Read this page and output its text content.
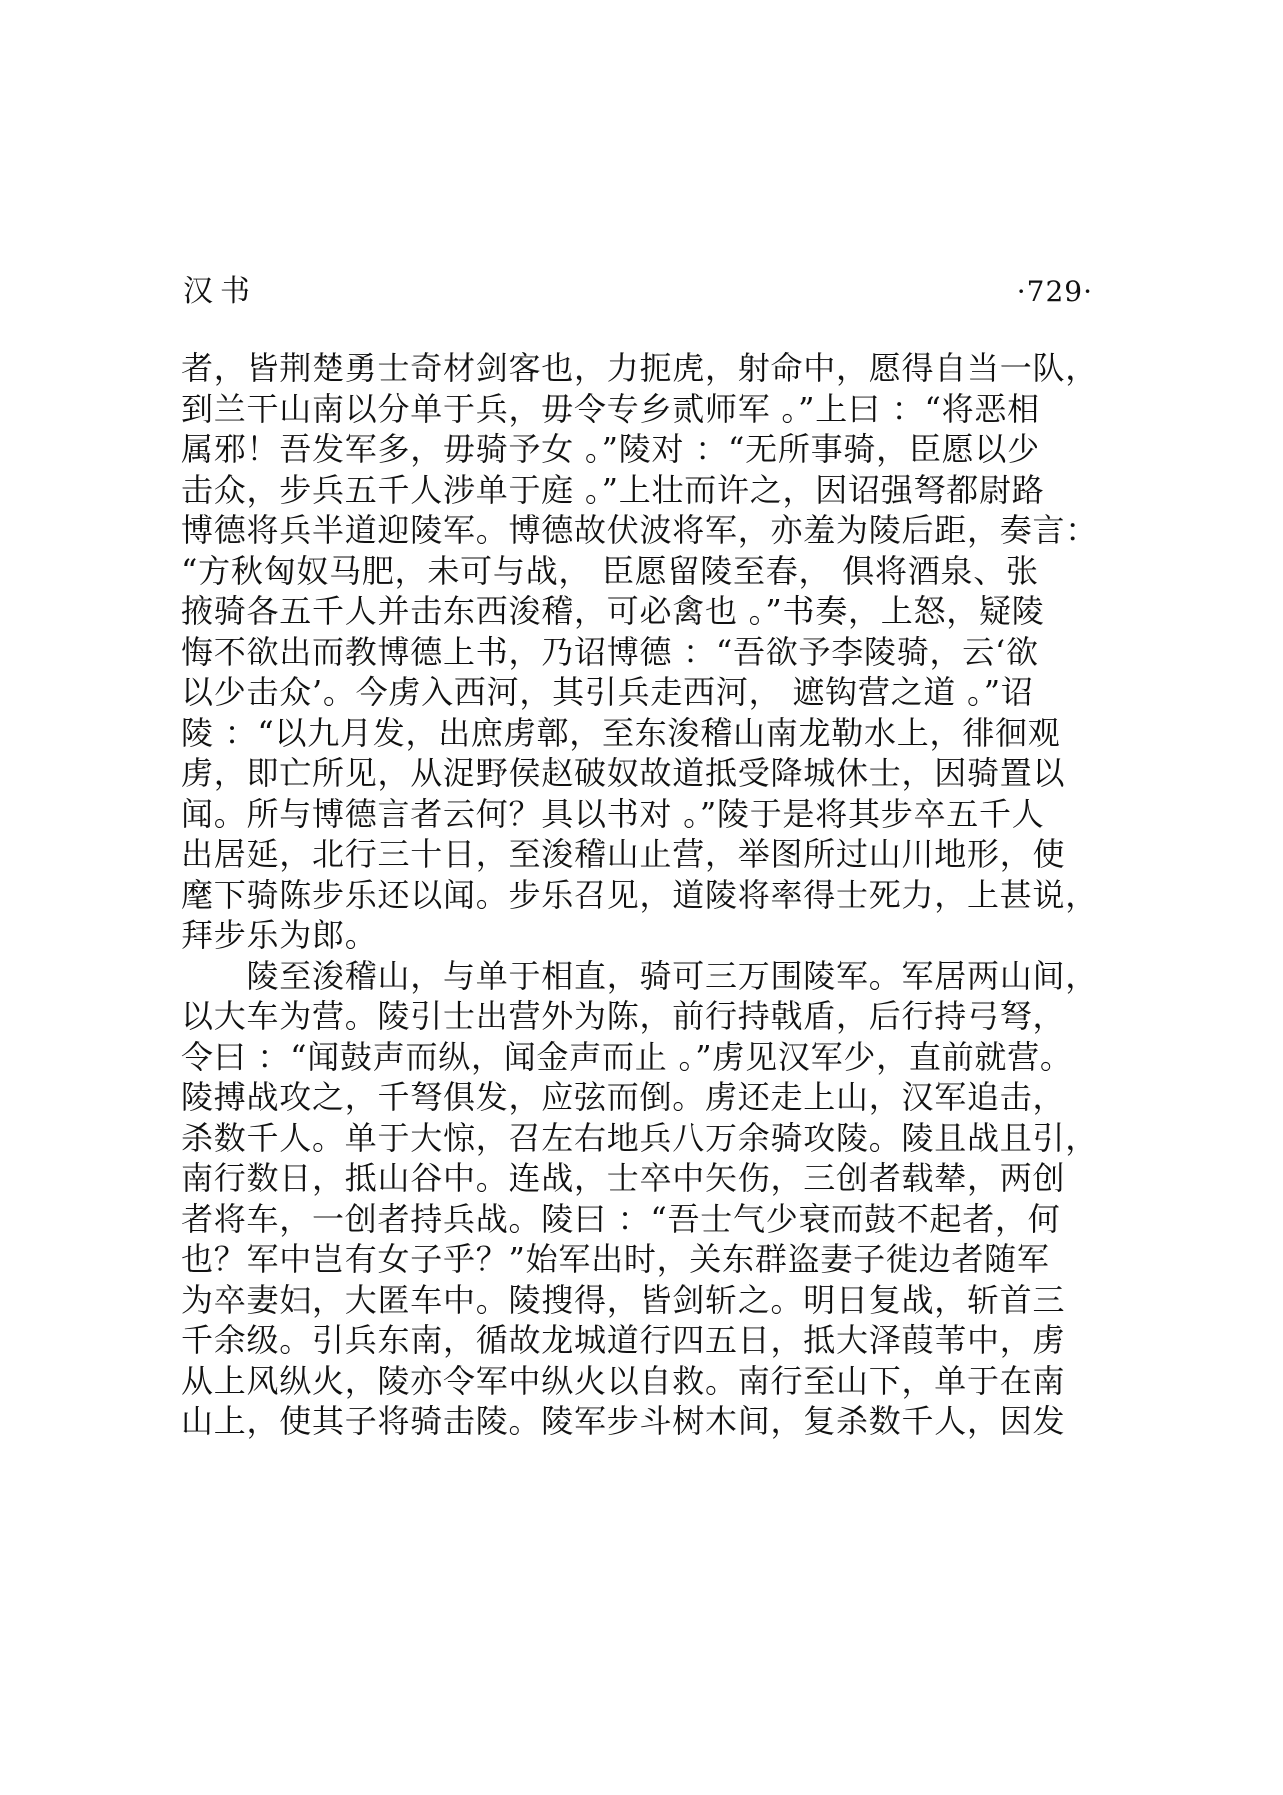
汉书	·729·
者，皆荆楚勇士奇材剑客也，力扼虎，射命中，愿得自当一队，
到兰干山南以分单于兵，毋令专乡贰师军 。”上曰 ：“将恶相
属邪！吾发军多，毋骑予女 。”陵对 ：“无所事骑，臣愿以少
击众，步兵五千人涉单于庭 。”上壮而许之，因诏强弩都尉路
博德将兵半道迎陵军。博德故伏波将军，亦羞为陵后距，奏言：
“方秋匈奴马肥，未可与战， 臣愿留陵至春， 俱将酒泉、张
掖骑各五千人并击东西浚稽，可必禽也 。”书奏，上怒，疑陵
悔不欲出而教博德上书，乃诏博德 ：“吾欲予李陵骑，云‘欲
以少击众’。今虏入西河，其引兵走西河， 遮钩营之道 。”诏
陵 ：“以九月发，出庶虏鄣，至东浚稽山南龙勒水上，徘徊观
虏，即亡所见，从浞野侯赵破奴故道抵受降城休士，因骑置以
闻。所与博德言者云何？具以书对 。”陵于是将其步卒五千人
出居延，北行三十日，至浚稽山止营，举图所过山川地形，使
麾下骑陈步乐还以闻。步乐召见，道陵将率得士死力，上甚说，
拜步乐为郎。
　　陵至浚稽山，与单于相直，骑可三万围陵军。军居两山间，
以大车为营。陵引士出营外为陈，前行持戟盾，后行持弓弩，
令曰 ：“闻鼓声而纵，闻金声而止 。”虏见汉军少，直前就营。
陵搏战攻之，千弩俱发，应弦而倒。虏还走上山，汉军追击，
杀数千人。单于大惊，召左右地兵八万余骑攻陵。陵且战且引，
南行数日，抵山谷中。连战，士卒中矢伤，三创者载辇，两创
者将车，一创者持兵战。陵曰 ：“吾士气少衰而鼓不起者，何
也？军中岂有女子乎？”始军出时，关东群盗妻子徙边者随军
为卒妻妇，大匿车中。陵搜得，皆剑斩之。明日复战，斩首三
千余级。引兵东南，循故龙城道行四五日，抵大泽葭苇中，虏
从上风纵火，陵亦令军中纵火以自救。南行至山下，单于在南
山上，使其子将骑击陵。陵军步斗树木间，复杀数千人，因发
